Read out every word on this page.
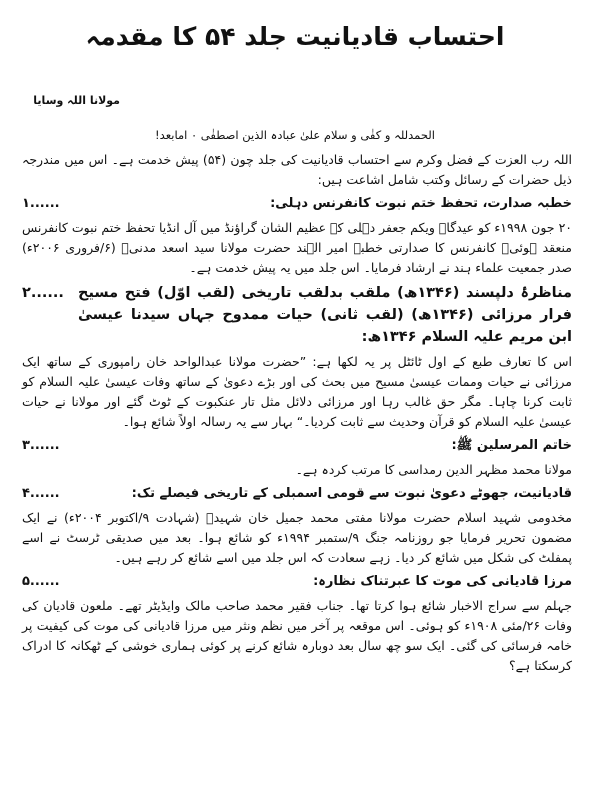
احتساب قادیانیت جلد ۵۴ کا مقدمہ
مولانا اللہ وسایا
الحمدللہ و کفٰی و سلام علیٰ عبادہ الذین اصطفٰی ۰ امابعد!

اللہ رب العزت کے فضل وکرم سے احتساب قادیانیت کی جلد چون (۵۴) پیش خدمت ہے۔ اس میں مندرجہ ذیل حضرات کے رسائل وکتب شامل اشاعت ہیں:

۱......	خطبہ صدارت، تحفظ ختم نبوت کانفرنس دہلی:

۲۰ جون ۱۹۹۸ء کو عیدگاہ ویکم جعفر دہلی کے عظیم الشان گراؤنڈ میں آل انڈیا تحفظ ختم نبوت کانفرنس منعقد ہوئی۔ کانفرنس کا صدارتی خطبہ امیر الہند حضرت مولانا سید اسعد مدنیؒ (۶/فروری ۲۰۰۶ء) صدر جمعیت علماء ہند نے ارشاد فرمایا۔ اس جلد میں یہ پیش خدمت ہے۔

۲...... مناظرۂ دلپسند (۱۳۴۶ھ) ملقب بدلقب تاریخی (لقب اوّل) فتح مسیح فرار مرزائی (۱۳۴۶ھ) (لقب ثانی) حیات ممدوح جہاں سیدنا عیسیٰ ابن مریم علیہ السلام ۱۳۴۶ھ:

اس کا تعارف طبع کے اول ٹائٹل پر یہ لکھا ہے: ”حضرت مولانا عبدالواحد خان رامپوری کے ساتھ ایک مرزائی نے حیات وممات عیسیٰ مسیح میں بحث کی اور بڑے دعویٰ کے ساتھ وفات عیسیٰ علیہ السلام کو ثابت کرنا چاہا۔ مگر حق غالب رہا اور مرزائی دلائل مثل تار عنکبوت کے ٹوٹ گئے اور مولانا نے حیات عیسیٰ علیہ السلام کو قرآن وحدیث سے ثابت کردیا۔“ بہار سے یہ رسالہ اولاً شائع ہوا۔

۳......	خاتم المرسلین ﷺ:

مولانا محمد مظہر الدین رمداسی کا مرتب کردہ ہے۔

۴......	قادیانیت، جھوٹے دعویٰ نبوت سے قومی اسمبلی کے تاریخی فیصلے تک:

مخدومی شہید اسلام حضرت مولانا مفتی محمد جمیل خان شہیدؒ (شہادت ۹/اکتوبر ۲۰۰۴ء) نے ایک مضمون تحریر فرمایا جو روزنامہ جنگ ۹/ستمبر ۱۹۹۴ء کو شائع ہوا۔ بعد میں صدیقی ٹرسٹ نے اسے پمفلٹ کی شکل میں شائع کر دیا۔ زہے سعادت کہ اس جلد میں اسے شائع کر رہے ہیں۔

۵......	مرزا قادیانی کی موت کا عبرتناک نظارہ:

جہلم سے سراج الاخبار شائع ہوا کرتا تھا۔ جناب فقیر محمد صاحب مالک وایڈیٹر تھے۔ ملعون قادیان کی وفات ۲۶/مئی ۱۹۰۸ء کو ہوئی۔ اس موقعہ پر آخر میں نظم ونثر میں مرزا قادیانی کی موت کی کیفیت پر خامہ فرسائی کی گئی۔ ایک سو چھ سال بعد دوبارہ شائع کرنے پر کوئی ہماری خوشی کے ٹھکانہ کا ادراک کرسکتا ہے؟
